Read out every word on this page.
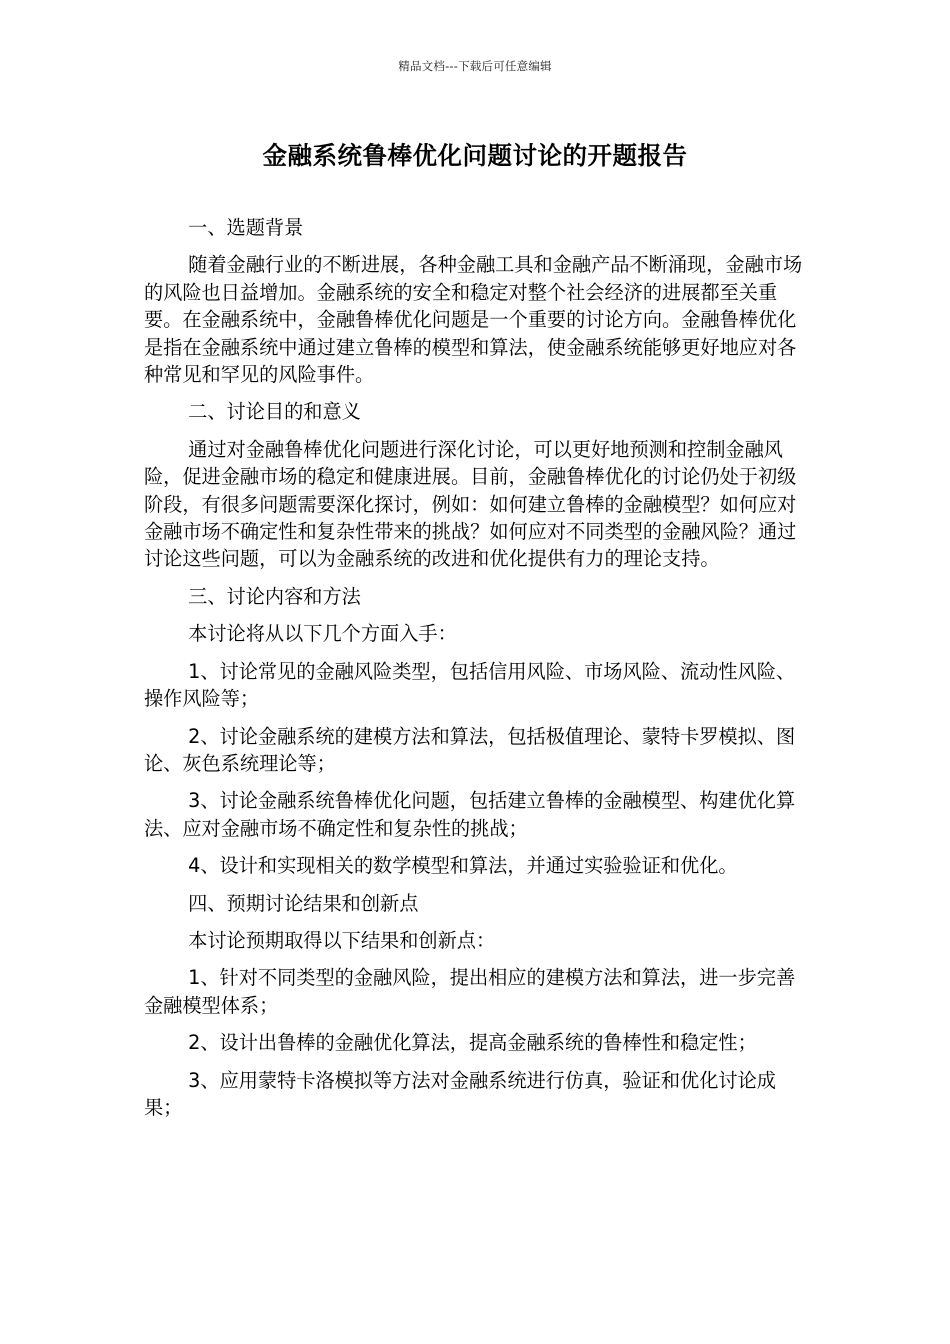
精品文档---下载后可任意编辑
金融系统鲁棒优化问题讨论的开题报告

一、选题背景

随着金融行业的不断进展，各种金融工具和金融产品不断涌现，金融市场的风险也日益增加。金融系统的安全和稳定对整个社会经济的进展都至关重要。在金融系统中，金融鲁棒优化问题是一个重要的讨论方向。金融鲁棒优化是指在金融系统中通过建立鲁棒的模型和算法，使金融系统能够更好地应对各种常见和罕见的风险事件。

二、讨论目的和意义

通过对金融鲁棒优化问题进行深化讨论，可以更好地预测和控制金融风险，促进金融市场的稳定和健康进展。目前，金融鲁棒优化的讨论仍处于初级阶段，有很多问题需要深化探讨，例如：如何建立鲁棒的金融模型？如何应对金融市场不确定性和复杂性带来的挑战？如何应对不同类型的金融风险？通过讨论这些问题，可以为金融系统的改进和优化提供有力的理论支持。

三、讨论内容和方法

本讨论将从以下几个方面入手：

1、讨论常见的金融风险类型，包括信用风险、市场风险、流动性风险、操作风险等；

2、讨论金融系统的建模方法和算法，包括极值理论、蒙特卡罗模拟、图论、灰色系统理论等；

3、讨论金融系统鲁棒优化问题，包括建立鲁棒的金融模型、构建优化算法、应对金融市场不确定性和复杂性的挑战；

4、设计和实现相关的数学模型和算法，并通过实验验证和优化。

四、预期讨论结果和创新点

本讨论预期取得以下结果和创新点：

1、针对不同类型的金融风险，提出相应的建模方法和算法，进一步完善金融模型体系；

2、设计出鲁棒的金融优化算法，提高金融系统的鲁棒性和稳定性；

3、应用蒙特卡洛模拟等方法对金融系统进行仿真，验证和优化讨论成果；
